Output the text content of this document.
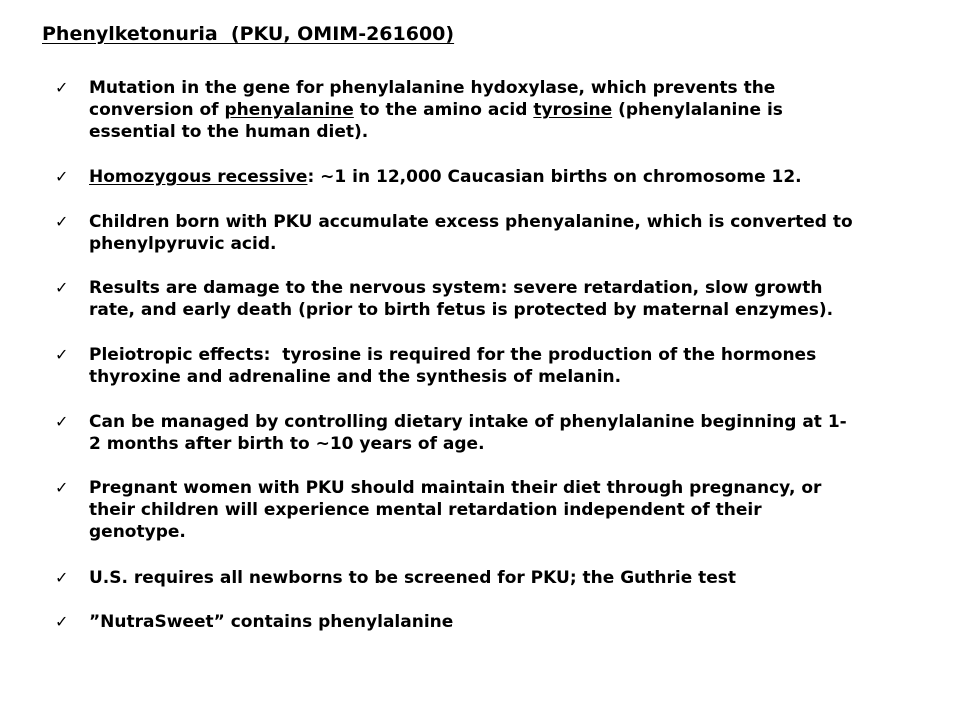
Phenylketonuria  (PKU, OMIM-261600)
✓ Mutation in the gene for phenylalanine hydoxylase, which prevents the
conversion of phenyalanine to the amino acid tyrosine (phenylalanine is
essential to the human diet).

✓ Homozygous recessive: ~1 in 12,000 Caucasian births on chromosome 12.

✓ Children born with PKU accumulate excess phenyalanine, which is converted to
phenylpyruvic acid.

✓ Results are damage to the nervous system: severe retardation, slow growth
rate, and early death (prior to birth fetus is protected by maternal enzymes).

✓ Pleiotropic effects:  tyrosine is required for the production of the hormones
thyroxine and adrenaline and the synthesis of melanin.

✓ Can be managed by controlling dietary intake of phenylalanine beginning at 1-
2 months after birth to ~10 years of age.

✓ Pregnant women with PKU should maintain their diet through pregnancy, or
their children will experience mental retardation independent of their
genotype.

✓ U.S. requires all newborns to be screened for PKU; the Guthrie test

✓ ”NutraSweet” contains phenylalanine
